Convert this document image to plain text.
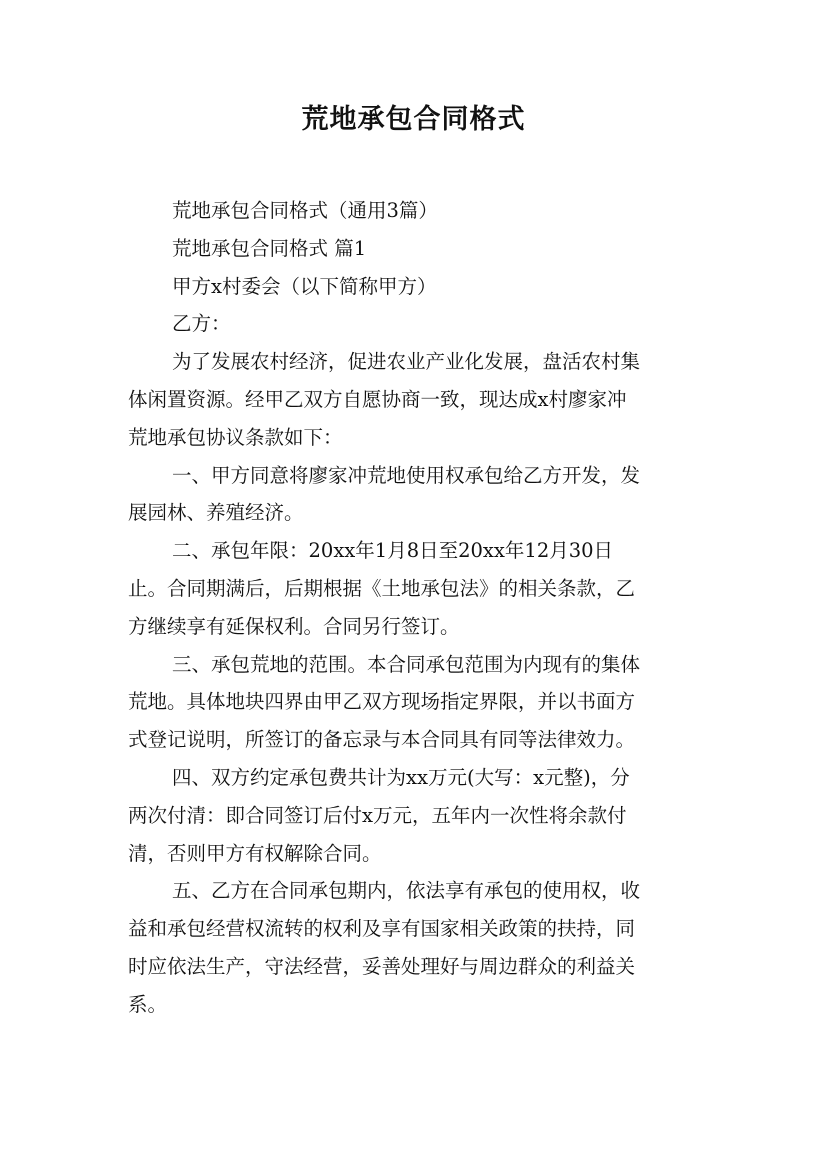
荒地承包合同格式
荒地承包合同格式（通用3篇）
荒地承包合同格式 篇1
甲方x村委会（以下简称甲方）
乙方：
为了发展农村经济，促进农业产业化发展，盘活农村集
体闲置资源。经甲乙双方自愿协商一致，现达成x村廖家冲
荒地承包协议条款如下：
一、甲方同意将廖家冲荒地使用权承包给乙方开发，发
展园林、养殖经济。
二、承包年限：20xx年1月8日至20xx年12月30日
止。合同期满后，后期根据《土地承包法》的相关条款，乙
方继续享有延保权利。合同另行签订。
三、承包荒地的范围。本合同承包范围为内现有的集体
荒地。具体地块四界由甲乙双方现场指定界限，并以书面方
式登记说明，所签订的备忘录与本合同具有同等法律效力。
四、双方约定承包费共计为xx万元(大写：x元整)，分
两次付清：即合同签订后付x万元，五年内一次性将余款付
清，否则甲方有权解除合同。
五、乙方在合同承包期内，依法享有承包的使用权，收
益和承包经营权流转的权利及享有国家相关政策的扶持，同
时应依法生产，守法经营，妥善处理好与周边群众的利益关
系。
